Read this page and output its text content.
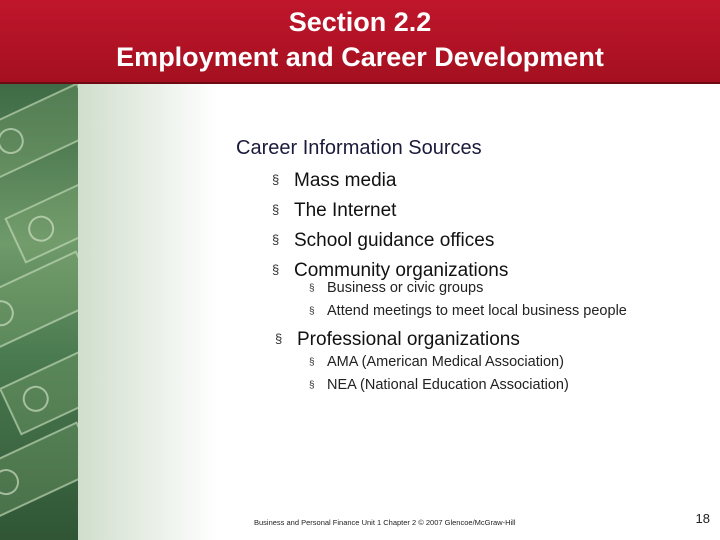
Section 2.2
Employment and Career Development

Career Information Sources

§ Mass media
§ The Internet
§ School guidance offices
§ Community organizations
§ Business or civic groups
§ Attend meetings to meet local business people

§ Professional organizations

§ AMA (American Medical Association)
§ NEA (National Education Association)

Business and Personal Finance Unit 1 Chapter 2 © 2007 Glencoe/McGraw-Hill	18
